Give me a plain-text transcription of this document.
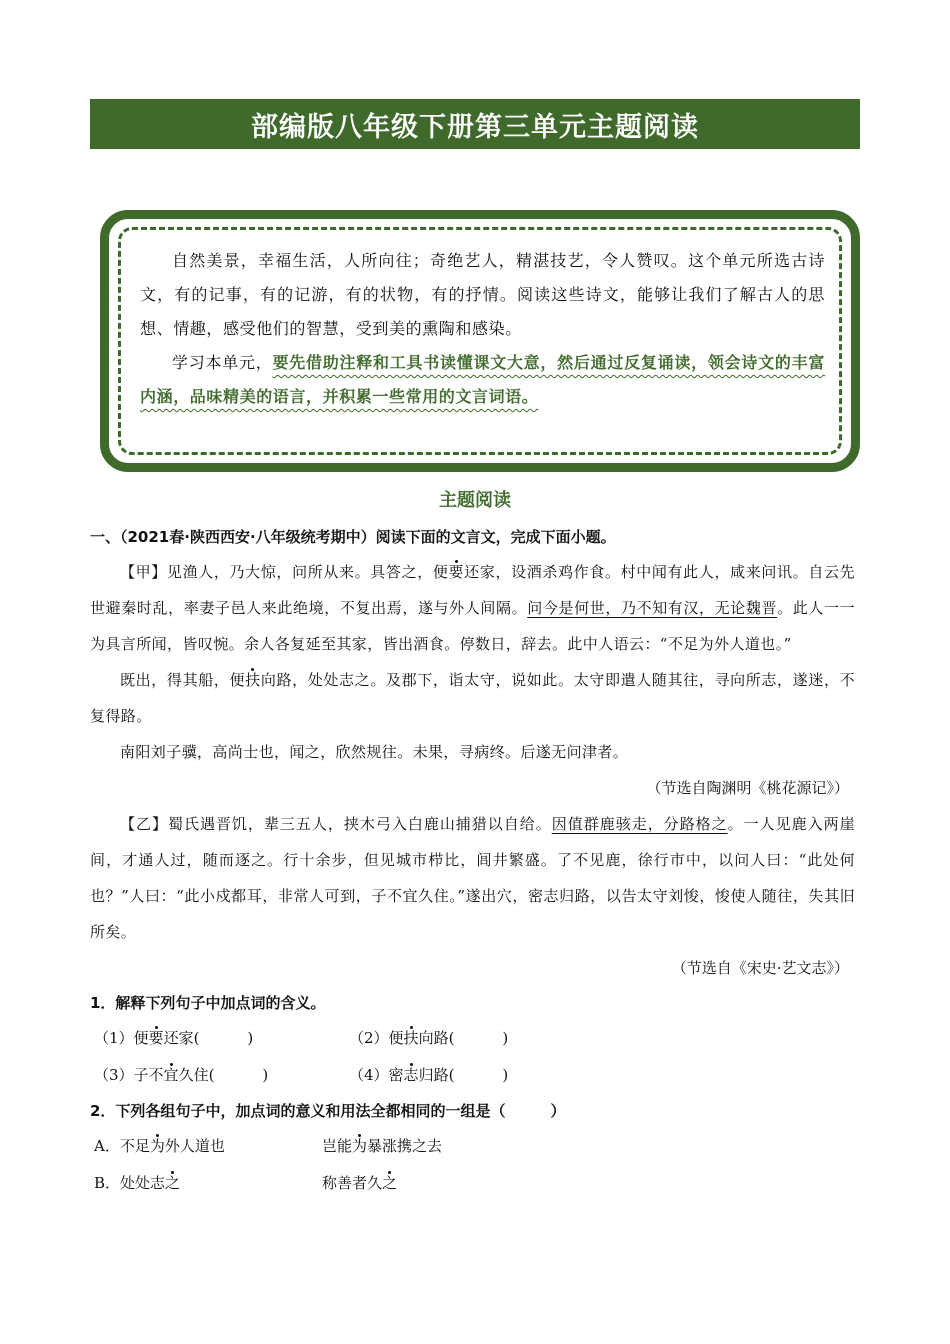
部编版八年级下册第三单元主题阅读

自然美景，幸福生活，人所向往；奇绝艺人，精湛技艺，令人赞叹。这个单元所选古诗文，有的记事，有的记游，有的状物，有的抒情。阅读这些诗文，能够让我们了解古人的思想、情趣，感受他们的智慧，受到美的熏陶和感染。

学习本单元，要先借助注释和工具书读懂课文大意，然后通过反复诵读，领会诗文的丰富内涵，品味精美的语言，并积累一些常用的文言词语。

主题阅读

一、（2021春·陕西西安·八年级统考期中）阅读下面的文言文，完成下面小题。

【甲】见渔人，乃大惊，问所从来。具答之，便要还家，设酒杀鸡作食。村中闻有此人，咸来问讯。自云先世避秦时乱，率妻子邑人来此绝境，不复出焉，遂与外人间隔。问今是何世，乃不知有汉，无论魏晋。此人一一为具言所闻，皆叹惋。余人各复延至其家，皆出酒食。停数日，辞去。此中人语云：“不足为外人道也。”

既出，得其船，便扶向路，处处志之。及郡下，诣太守，说如此。太守即遣人随其往，寻向所志，遂迷，不复得路。

南阳刘子骥，高尚士也，闻之，欣然规往。未果，寻病终。后遂无问津者。

（节选自陶渊明《桃花源记》）

【乙】蜀氏遇晋饥，辈三五人，挟木弓入白鹿山捕猎以自给。因值群鹿骇走，分路格之。一人见鹿入两崖间，才通人过，随而逐之。行十余步，但见城市栉比，闾井繁盛。了不见鹿，徐行市中，以问人曰：“此处何也？”人曰：“此小戍都耳，非常人可到，子不宜久住。”遂出穴，密志归路，以告太守刘悛，悛使人随往，失其旧所矣。

（节选自《宋史·艺文志》）

1．解释下列句子中加点词的含义。

（1）便要还家(	)	（2）便扶向路(	)
（3）子不宜久住(	)	（4）密志归路(	)

2．下列各组句子中，加点词的意义和用法全都相同的一组是（　　　）

A．不足为外人道也	岂能为暴涨携之去
B．处处志之	称善者久之
